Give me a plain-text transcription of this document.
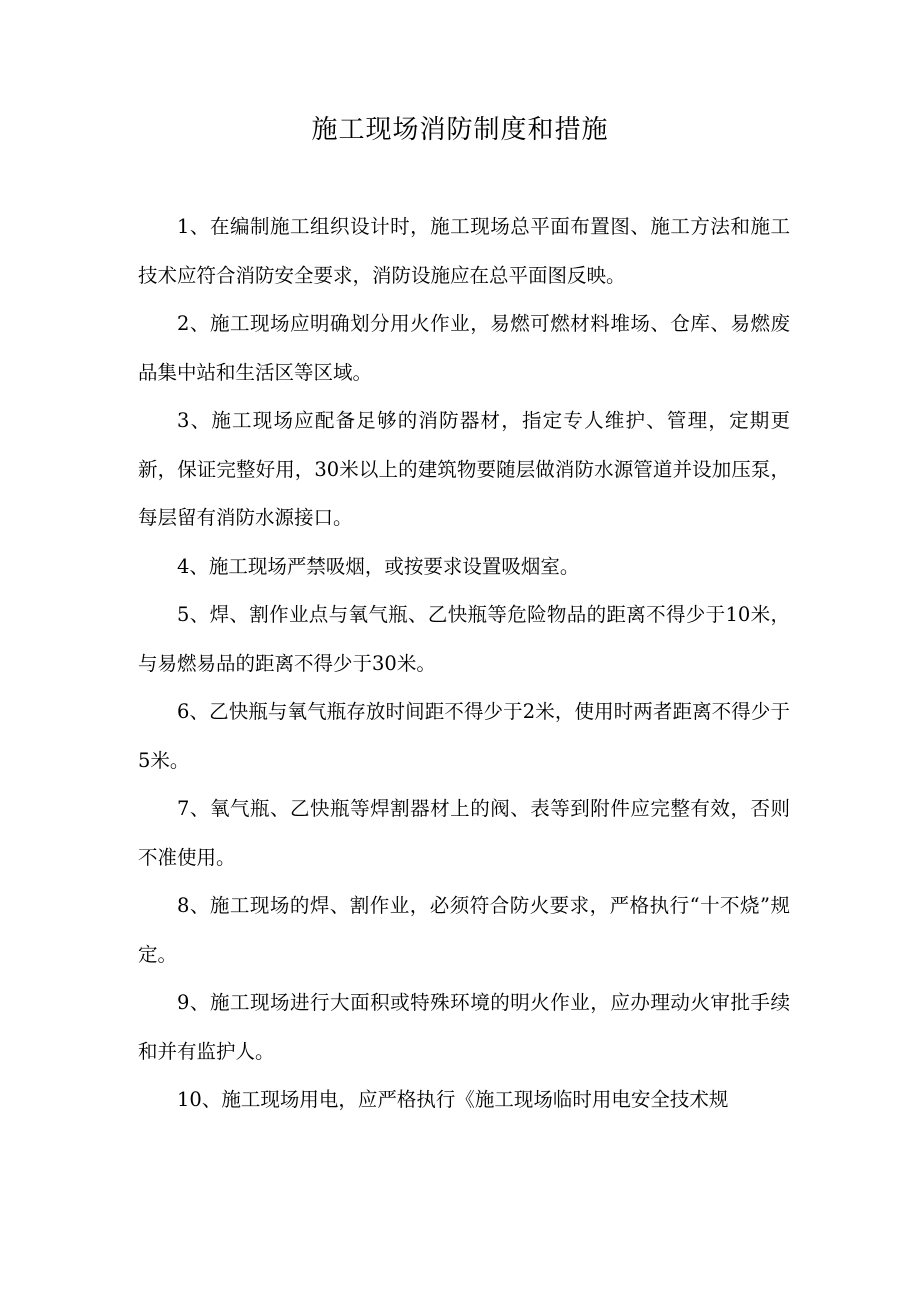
施工现场消防制度和措施

1、在编制施工组织设计时，施工现场总平面布置图、施工方法和施工技术应符合消防安全要求，消防设施应在总平面图反映。

2、施工现场应明确划分用火作业，易燃可燃材料堆场、仓库、易燃废品集中站和生活区等区域。

3、施工现场应配备足够的消防器材，指定专人维护、管理，定期更新，保证完整好用，30米以上的建筑物要随层做消防水源管道并设加压泵，每层留有消防水源接口。

4、施工现场严禁吸烟，或按要求设置吸烟室。

5、焊、割作业点与氧气瓶、乙快瓶等危险物品的距离不得少于10米，与易燃易品的距离不得少于30米。

6、乙快瓶与氧气瓶存放时间距不得少于2米，使用时两者距离不得少于5米。

7、氧气瓶、乙快瓶等焊割器材上的阀、表等到附件应完整有效，否则不准使用。

8、施工现场的焊、割作业，必须符合防火要求，严格执行“十不烧”规定。

9、施工现场进行大面积或特殊环境的明火作业，应办理动火审批手续和并有监护人。

10、施工现场用电，应严格执行《施工现场临时用电安全技术规
